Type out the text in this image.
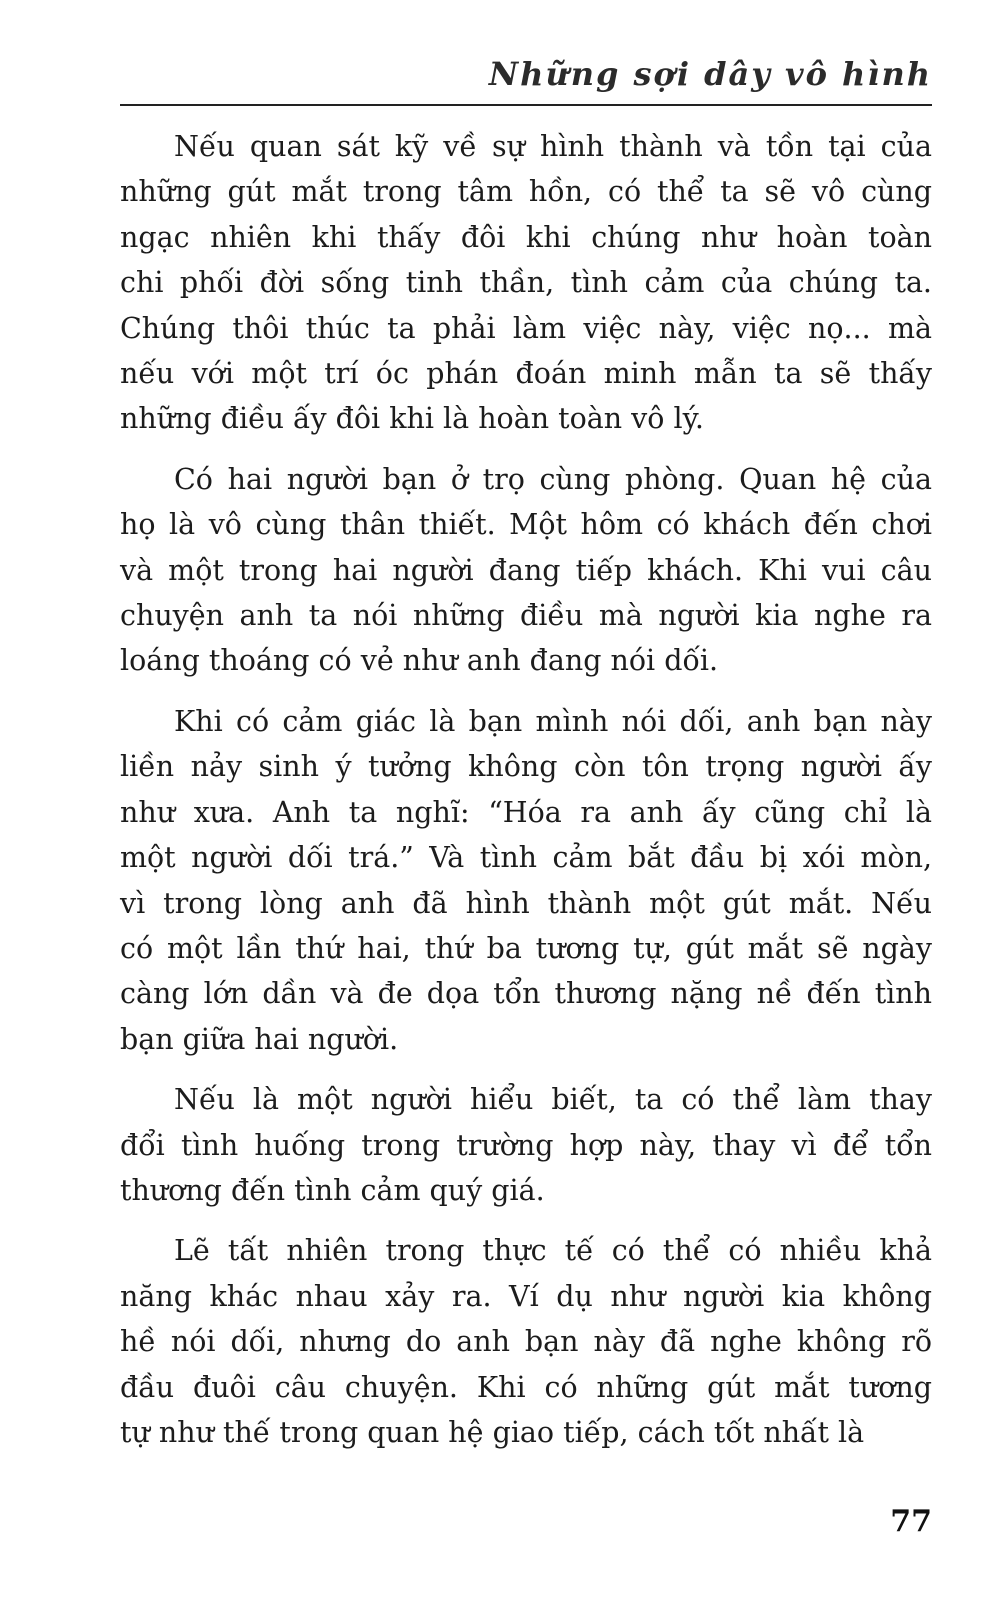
Những sợi dây vô hình
Nếu quan sát kỹ về sự hình thành và tồn tại của
những gút mắt trong tâm hồn, có thể ta sẽ vô cùng
ngạc nhiên khi thấy đôi khi chúng như hoàn toàn
chi phối đời sống tinh thần, tình cảm của chúng ta.
Chúng thôi thúc ta phải làm việc này, việc nọ... mà
nếu với một trí óc phán đoán minh mẫn ta sẽ thấy
những điều ấy đôi khi là hoàn toàn vô lý.
Có hai người bạn ở trọ cùng phòng. Quan hệ của
họ là vô cùng thân thiết. Một hôm có khách đến chơi
và một trong hai người đang tiếp khách. Khi vui câu
chuyện anh ta nói những điều mà người kia nghe ra
loáng thoáng có vẻ như anh đang nói dối.
Khi có cảm giác là bạn mình nói dối, anh bạn này
liền nảy sinh ý tưởng không còn tôn trọng người ấy
như xưa. Anh ta nghĩ: “Hóa ra anh ấy cũng chỉ là
một người dối trá.” Và tình cảm bắt đầu bị xói mòn,
vì trong lòng anh đã hình thành một gút mắt. Nếu
có một lần thứ hai, thứ ba tương tự, gút mắt sẽ ngày
càng lớn dần và đe dọa tổn thương nặng nề đến tình
bạn giữa hai người.
Nếu là một người hiểu biết, ta có thể làm thay
đổi tình huống trong trường hợp này, thay vì để tổn
thương đến tình cảm quý giá.
Lẽ tất nhiên trong thực tế có thể có nhiều khả
năng khác nhau xảy ra. Ví dụ như người kia không
hề nói dối, nhưng do anh bạn này đã nghe không rõ
đầu đuôi câu chuyện. Khi có những gút mắt tương
tự như thế trong quan hệ giao tiếp, cách tốt nhất là
77
